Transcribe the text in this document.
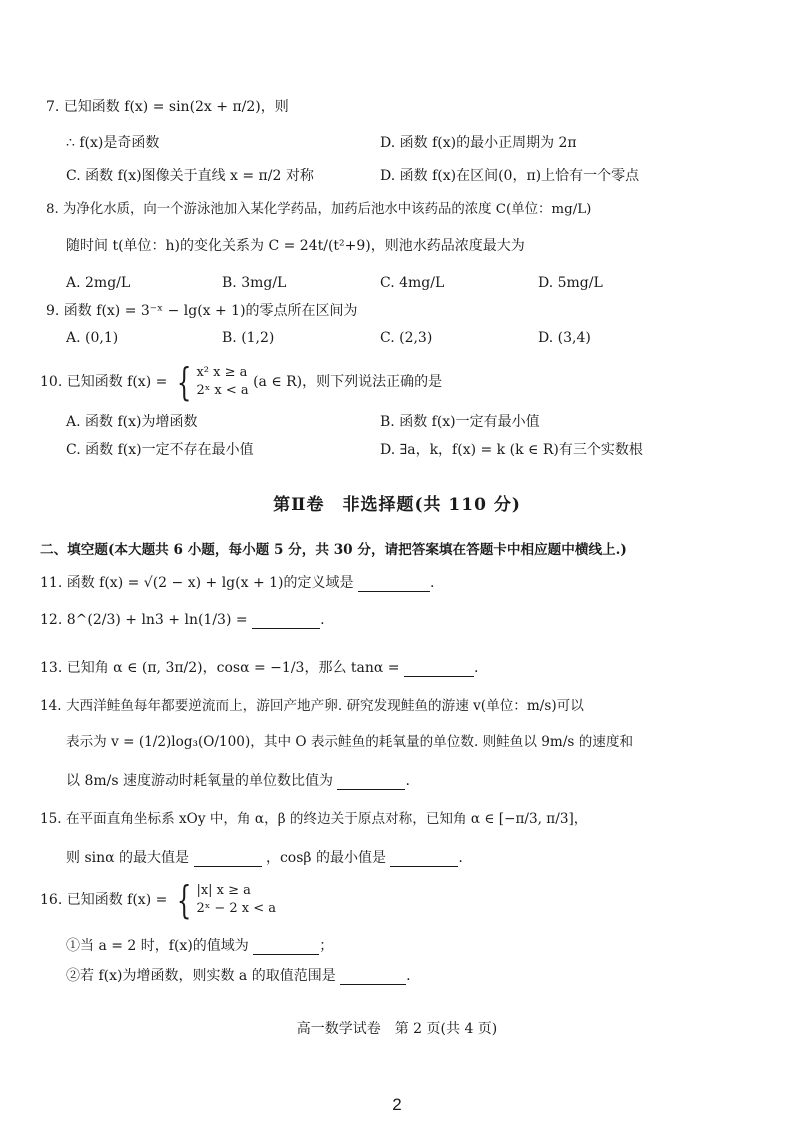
7. 已知函数 f(x) = sin(2x + π/2)，则
∴ f(x)是奇函数	D. 函数 f(x)的最小正周期为 2π
C. 函数 f(x)图像关于直线 x = π/2 对称	D. 函数 f(x)在区间(0，π)上恰有一个零点
8. 为净化水质，向一个游泳池加入某化学药品，加药后池水中该药品的浓度 C(单位：mg/L)
随时间 t(单位：h)的变化关系为 C = 24t/(t²+9)，则池水药品浓度最大为
A. 2mg/L	B. 3mg/L	C. 4mg/L	D. 5mg/L
9. 函数 f(x) = 3⁻ˣ − lg(x + 1)的零点所在区间为
A. (0,1)	B. (1,2)	C. (2,3)	D. (3,4)
10. 已知函数 f(x) = { x² x ≥ a
2ˣ x < a
(a ∈ R)，则下列说法正确的是
A. 函数 f(x)为增函数	B. 函数 f(x)一定有最小值
C. 函数 f(x)一定不存在最小值	D. ∃a，k，f(x) = k (k ∈ R)有三个实数根
第Ⅱ卷　非选择题(共 110 分)
二、填空题(本大题共 6 小题，每小题 5 分，共 30 分，请把答案填在答题卡中相应题中横线上.)
11. 函数 f(x) = √(2 − x) + lg(x + 1)的定义域是	.
12. 8^(2/3) + ln3 + ln(1/3) =	.
13. 已知角 α ∈ (π, 3π/2)，cosα = −1/3，那么 tanα =	.
14. 大西洋鲑鱼每年都要逆流而上，游回产地产卵. 研究发现鲑鱼的游速 v(单位：m/s)可以
表示为 v = (1/2)log₃(O/100)，其中 O 表示鲑鱼的耗氧量的单位数. 则鲑鱼以 9m/s 的速度和
以 8m/s 速度游动时耗氧量的单位数比值为	.
15. 在平面直角坐标系 xOy 中，角 α，β 的终边关于原点对称，已知角 α ∈ [−π/3, π/3]，
则 sinα 的最大值是	，cosβ 的最小值是	.
16. 已知函数 f(x) = { |x| x ≥ a
2ˣ − 2 x < a
①当 a = 2 时，f(x)的值域为	；
②若 f(x)为增函数，则实数 a 的取值范围是	.
高一数学试卷　第 2 页(共 4 页)
2
